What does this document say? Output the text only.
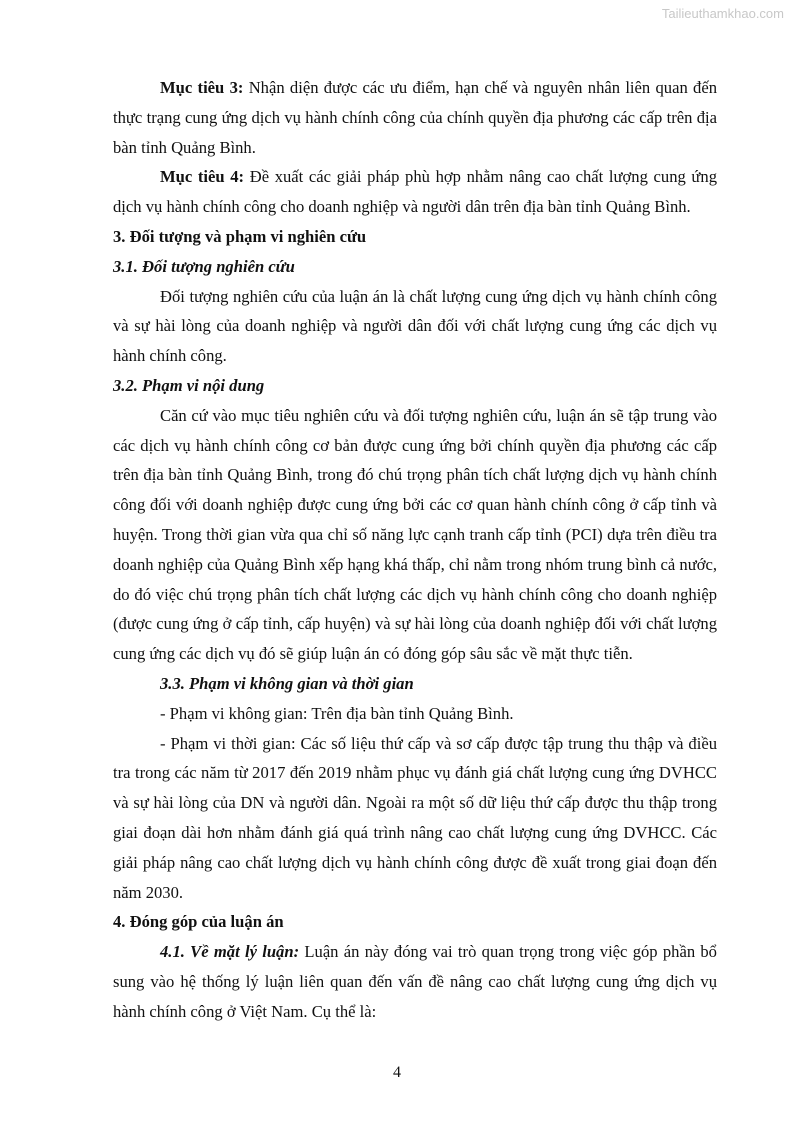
Tailieuthamkhao.com

Mục tiêu 3: Nhận diện được các ưu điểm, hạn chế và nguyên nhân liên quan đến thực trạng cung ứng dịch vụ hành chính công của chính quyền địa phương các cấp trên địa bàn tỉnh Quảng Bình.

Mục tiêu 4: Đề xuất các giải pháp phù hợp nhằm nâng cao chất lượng cung ứng dịch vụ hành chính công cho doanh nghiệp và người dân trên địa bàn tỉnh Quảng Bình.

3. Đối tượng và phạm vi nghiên cứu

3.1. Đối tượng nghiên cứu

Đối tượng nghiên cứu của luận án là chất lượng cung ứng dịch vụ hành chính công và sự hài lòng của doanh nghiệp và người dân đối với chất lượng cung ứng các dịch vụ hành chính công.

3.2. Phạm vi nội dung

Căn cứ vào mục tiêu nghiên cứu và đối tượng nghiên cứu, luận án sẽ tập trung vào các dịch vụ hành chính công cơ bản được cung ứng bởi chính quyền địa phương các cấp trên địa bàn tỉnh Quảng Bình, trong đó chú trọng phân tích chất lượng dịch vụ hành chính công đối với doanh nghiệp được cung ứng bởi các cơ quan hành chính công ở cấp tỉnh và huyện. Trong thời gian vừa qua chỉ số năng lực cạnh tranh cấp tỉnh (PCI) dựa trên điều tra doanh nghiệp của Quảng Bình xếp hạng khá thấp, chỉ nằm trong nhóm trung bình cả nước, do đó việc chú trọng phân tích chất lượng các dịch vụ hành chính công cho doanh nghiệp (được cung ứng ở cấp tỉnh, cấp huyện) và sự hài lòng của doanh nghiệp đối với chất lượng cung ứng các dịch vụ đó sẽ giúp luận án có đóng góp sâu sắc về mặt thực tiễn.

3.3. Phạm vi không gian và thời gian

- Phạm vi không gian: Trên địa bàn tỉnh Quảng Bình.

- Phạm vi thời gian: Các số liệu thứ cấp và sơ cấp được tập trung thu thập và điều tra trong các năm từ 2017 đến 2019 nhằm phục vụ đánh giá chất lượng cung ứng DVHCC và sự hài lòng của DN và người dân. Ngoài ra một số dữ liệu thứ cấp được thu thập trong giai đoạn dài hơn nhằm đánh giá quá trình nâng cao chất lượng cung ứng DVHCC. Các giải pháp nâng cao chất lượng dịch vụ hành chính công được đề xuất trong giai đoạn đến năm 2030.

4. Đóng góp của luận án

4.1. Về mặt lý luận: Luận án này đóng vai trò quan trọng trong việc góp phần bổ sung vào hệ thống lý luận liên quan đến vấn đề nâng cao chất lượng cung ứng dịch vụ hành chính công ở Việt Nam. Cụ thể là:

4
